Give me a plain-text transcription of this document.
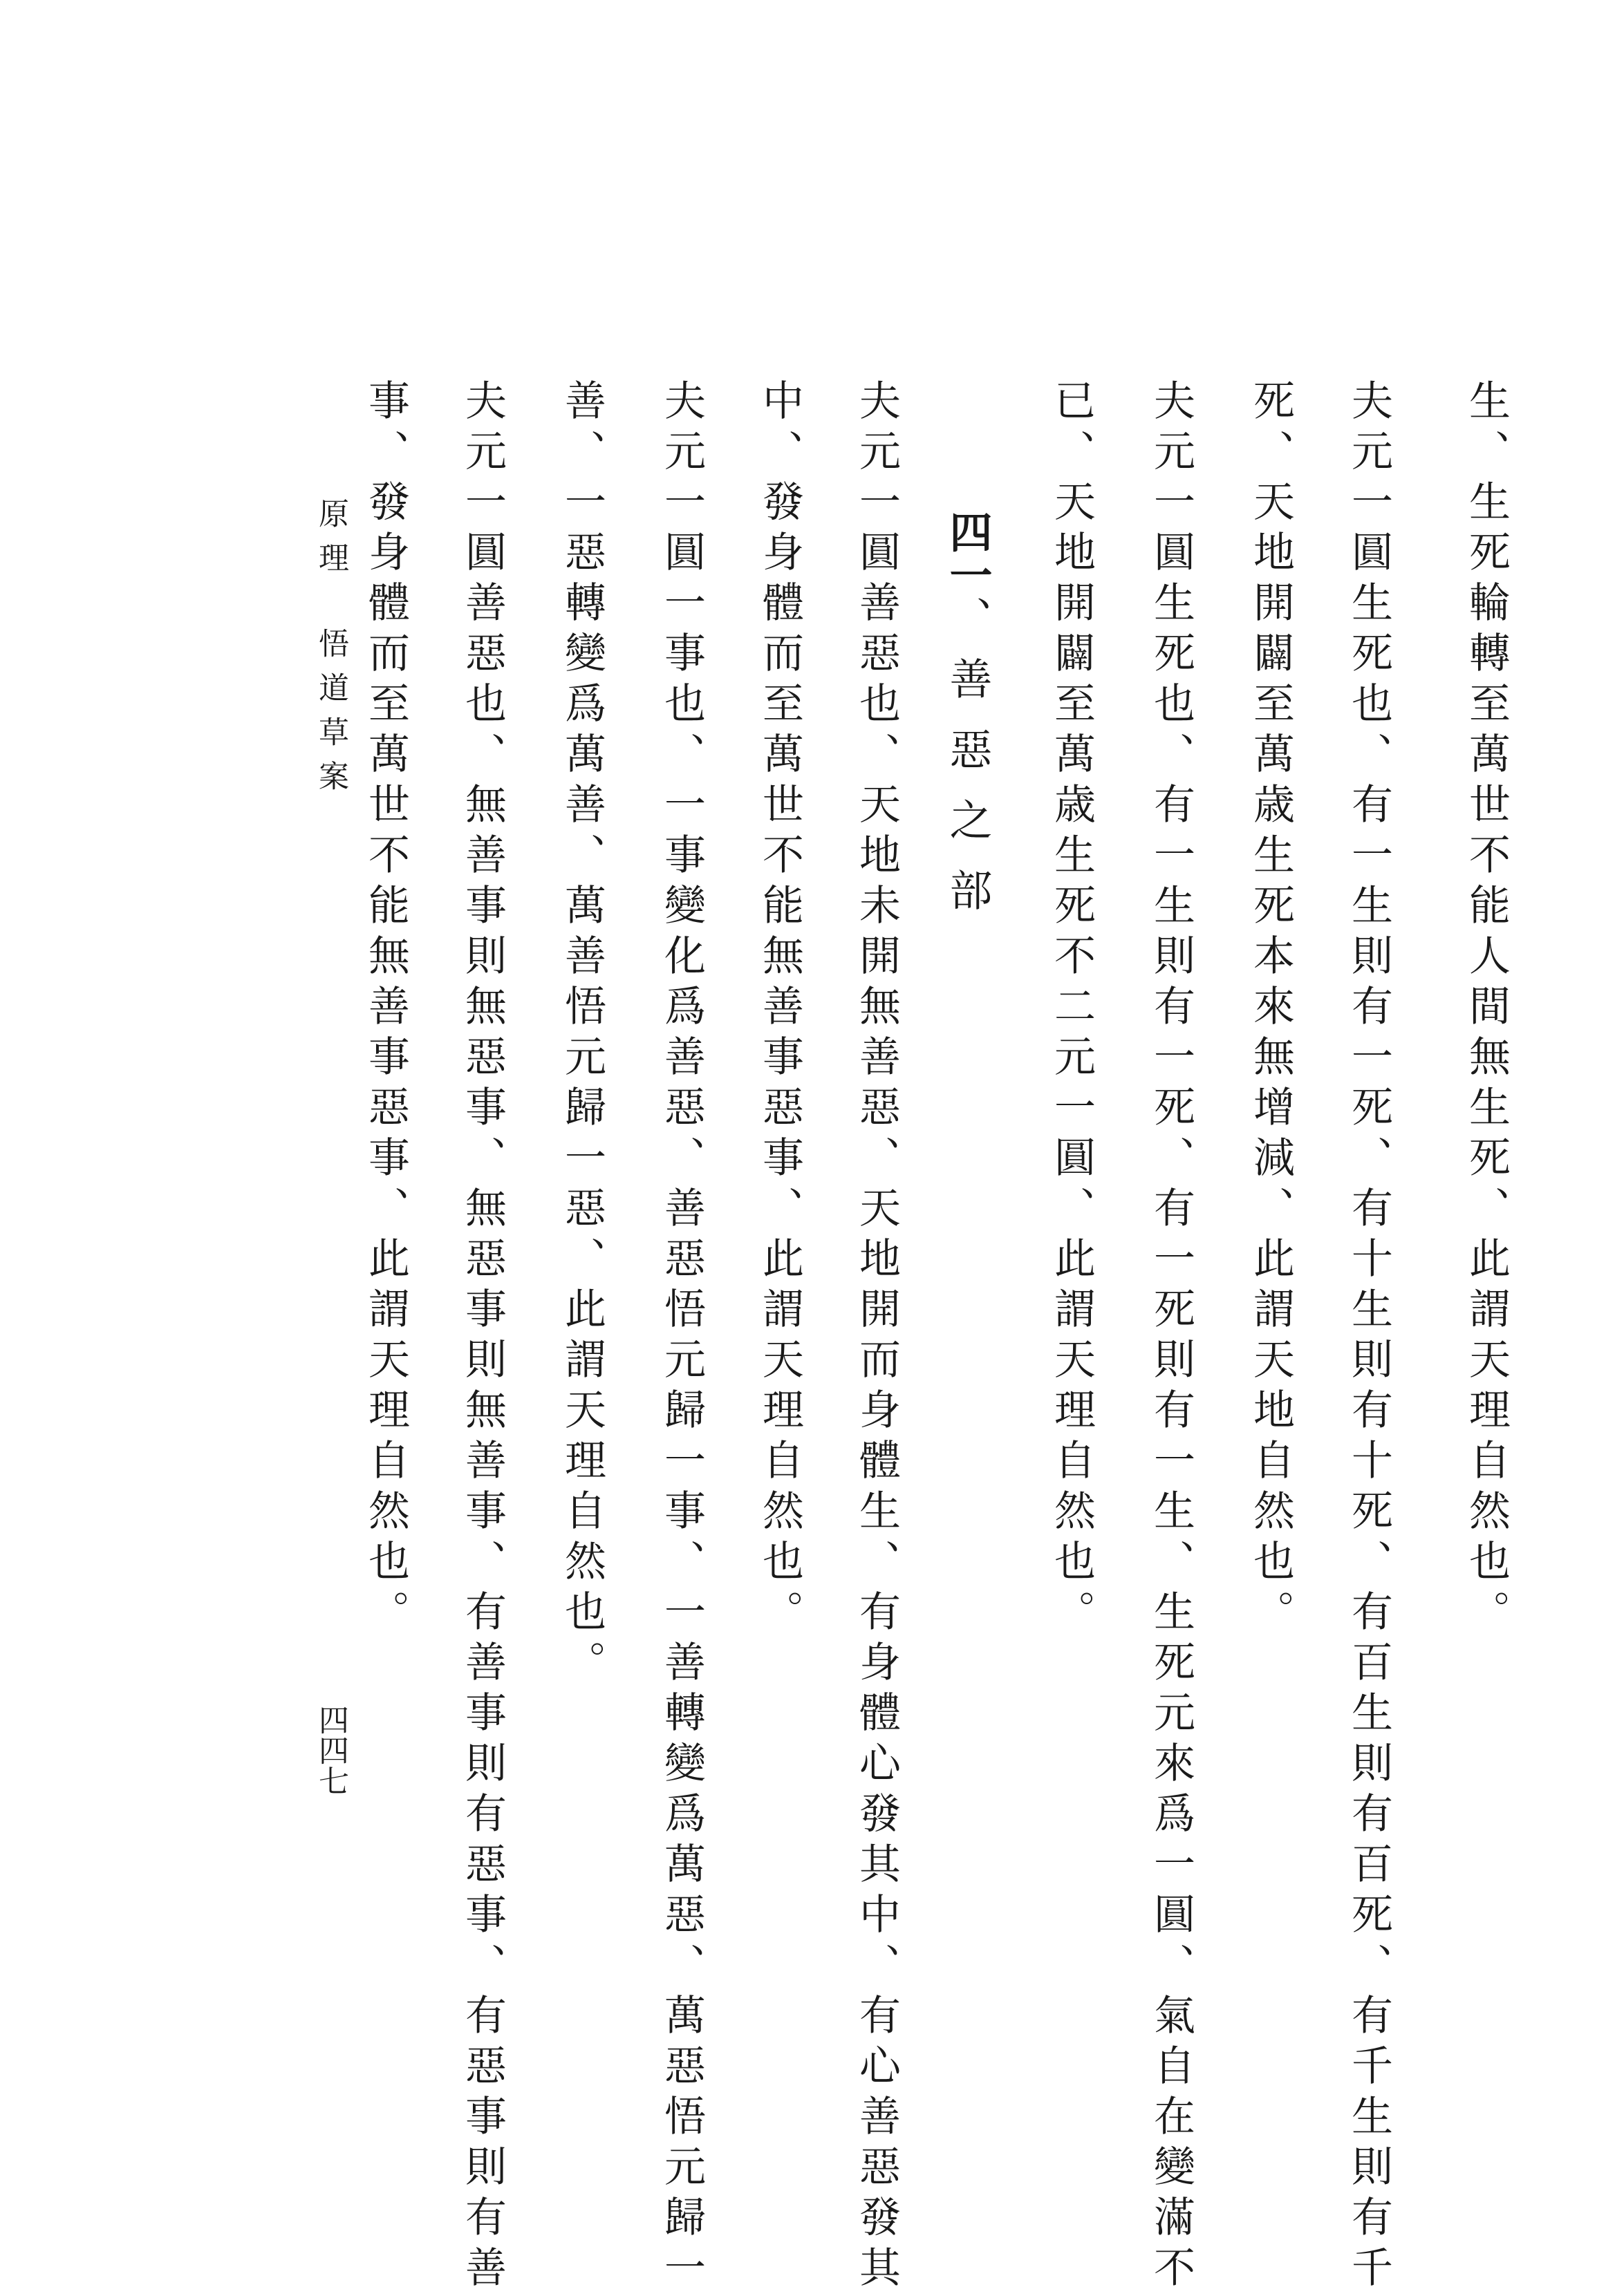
生、生死輪轉至萬世不能人間無生死、此謂天理自然也。
夫元一圓生死也、有一生則有一死、有十生則有十死、有百生則有百死、有千生則有千
死、天地開闢至萬歳生死本來無增減、此謂天地自然也。
夫元一圓生死也、有一生則有一死、有一死則有一生、生死元來爲一圓、氣自在變滿不
已、天地開闢至萬歳生死不二元一圓、此謂天理自然也。
四一、善惡之部
夫元一圓善惡也、天地未開無善惡、天地開而身體生、有身體心發其中、有心善惡發其
中、發身體而至萬世不能無善事惡事、此謂天理自然也。
夫元一圓一事也、一事變化爲善惡、善惡悟元歸一事、一善轉變爲萬惡、萬惡悟元歸一
善、一惡轉變爲萬善、萬善悟元歸一惡、此謂天理自然也。
夫元一圓善惡也、無善事則無惡事、無惡事則無善事、有善事則有惡事、有惡事則有善
事、發身體而至萬世不能無善事惡事、此謂天理自然也。
原理悟道草案
四四七
